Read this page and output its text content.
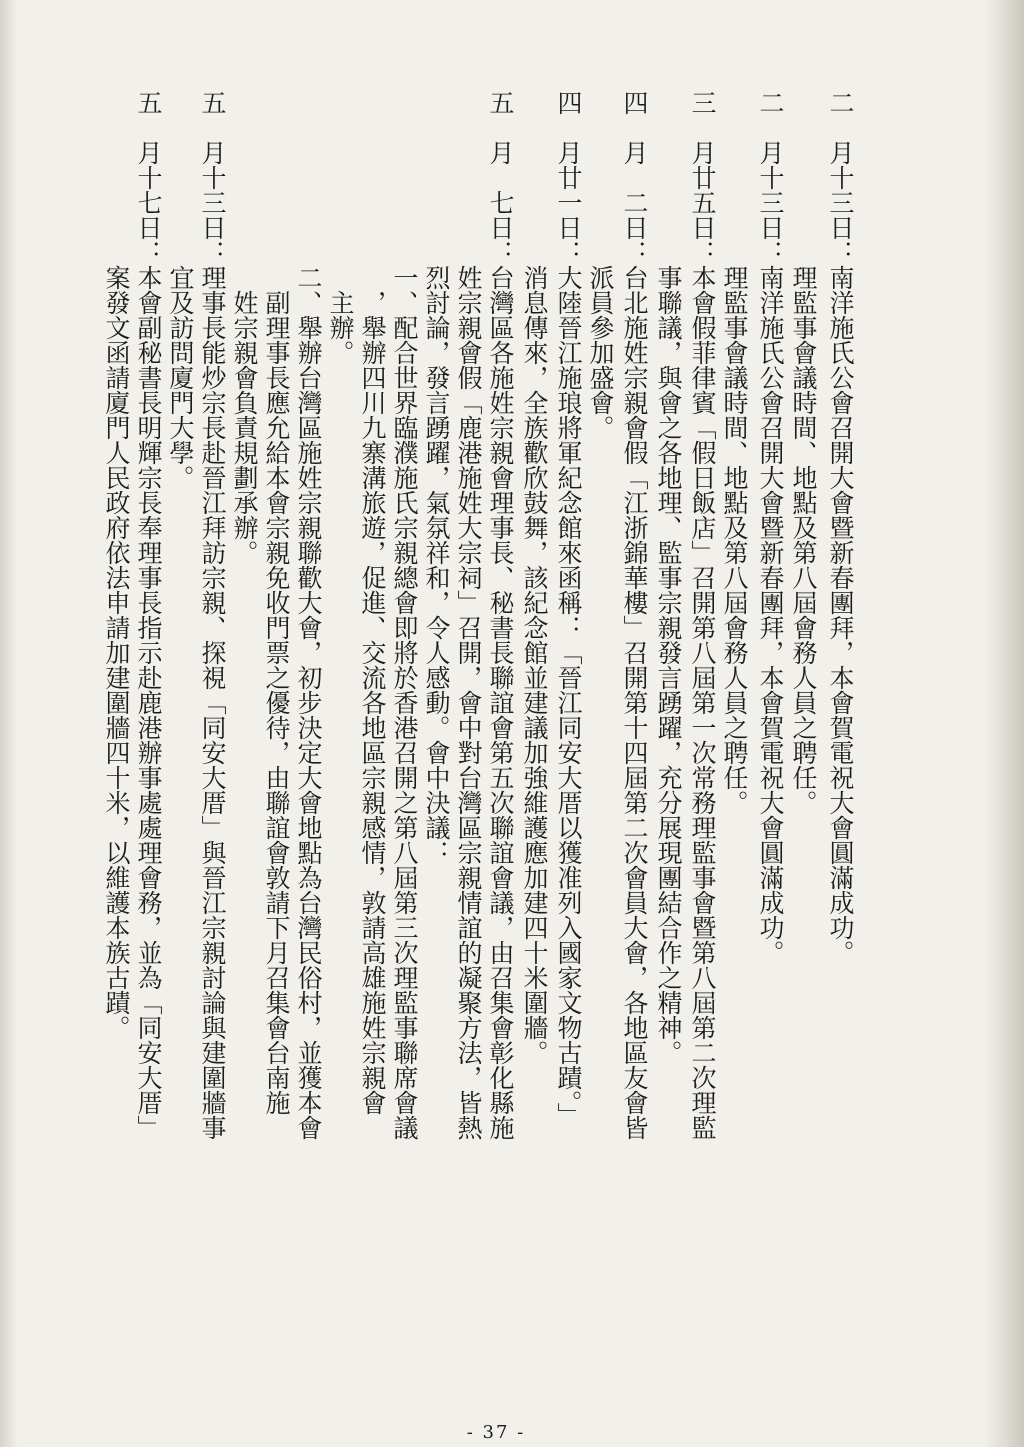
二　月十三日：南洋施氏公會召開大會暨新春團拜，本會賀電祝大會圓滿成功。
　　　　　　　理監事會議時間、地點及第八屆會務人員之聘任。
二　月十三日：南洋施氏公會召開大會暨新春團拜，本會賀電祝大會圓滿成功。
　　　　　　　理監事會議時間、地點及第八屆會務人員之聘任。
三　月廿五日：本會假菲律賓「假日飯店」召開第八屆第一次常務理監事會暨第八屆第二次理監
　　　　　　　事聯議，與會之各地理、監事宗親發言踴躍，充分展現團結合作之精神。
四　月　二日：台北施姓宗親會假「江浙錦華樓」召開第十四屆第二次會員大會，各地區友會皆
　　　　　　　派員參加盛會。
四　月廿一日：大陸晉江施琅將軍紀念館來函稱：「晉江同安大厝以獲准列入國家文物古蹟。」
　　　　　　　消息傳來，全族歡欣鼓舞，該紀念館並建議加強維護應加建四十米圍牆。
五　月　七日：台灣區各施姓宗親會理事長、秘書長聯誼會第五次聯誼會議，由召集會彰化縣施
　　　　　　　姓宗親會假「鹿港施姓大宗祠」召開，會中對台灣區宗親情誼的凝聚方法，皆熱
　　　　　　　烈討論，發言踴躍，氣氛祥和，令人感動。會中決議：
　　　　　　　一、配合世界臨濮施氏宗親總會即將於香港召開之第八屆第三次理監事聯席會議
　　　　　　　　，舉辦四川九寨溝旅遊，促進、交流各地區宗親感情，敦請高雄施姓宗親會
　　　　　　　　主辦。
　　　　　　　二、舉辦台灣區施姓宗親聯歡大會，初步決定大會地點為台灣民俗村，並獲本會
　　　　　　　　副理事長應允給本會宗親免收門票之優待，由聯誼會敦請下月召集會台南施
　　　　　　　　姓宗親會負責規劃承辦。
五　月十三日：理事長能炒宗長赴晉江拜訪宗親、探視「同安大厝」與晉江宗親討論與建圍牆事
　　　　　　　宜及訪問廈門大學。
五　月十七日：本會副秘書長明輝宗長奉理事長指示赴鹿港辦事處處理會務，並為「同安大厝」
　　　　　　　案發文函請廈門人民政府依法申請加建圍牆四十米，以維護本族古蹟。
- 37 -
